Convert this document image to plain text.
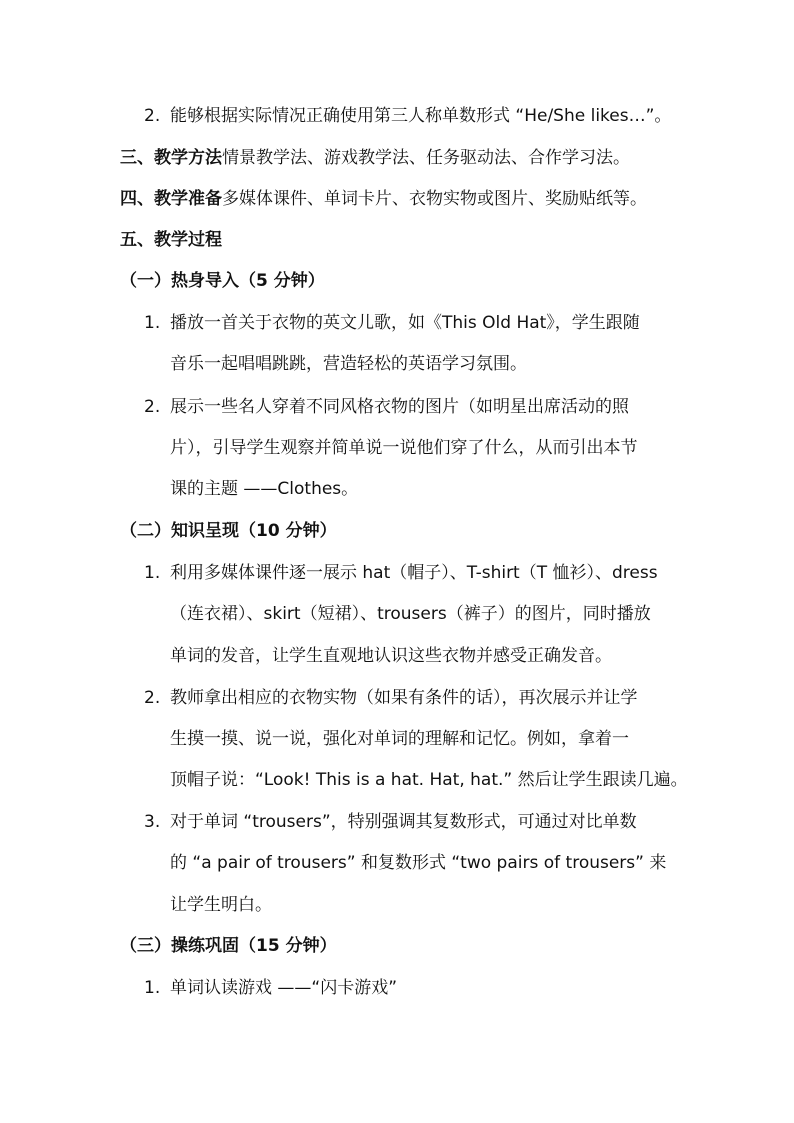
2. 能够根据实际情况正确使用第三人称单数形式 “He/She likes…”。
三、教学方法情景教学法、游戏教学法、任务驱动法、合作学习法。
四、教学准备多媒体课件、单词卡片、衣物实物或图片、奖励贴纸等。
五、教学过程
（一）热身导入（5 分钟）
1. 播放一首关于衣物的英文儿歌，如《This Old Hat》，学生跟随
音乐一起唱唱跳跳，营造轻松的英语学习氛围。
2. 展示一些名人穿着不同风格衣物的图片（如明星出席活动的照
片），引导学生观察并简单说一说他们穿了什么，从而引出本节
课的主题 ——Clothes。
（二）知识呈现（10 分钟）
1. 利用多媒体课件逐一展示 hat（帽子）、T-shirt（T 恤衫）、dress
（连衣裙）、skirt（短裙）、trousers（裤子）的图片，同时播放
单词的发音，让学生直观地认识这些衣物并感受正确发音。
2. 教师拿出相应的衣物实物（如果有条件的话），再次展示并让学
生摸一摸、说一说，强化对单词的理解和记忆。例如，拿着一
顶帽子说：“Look! This is a hat. Hat, hat.” 然后让学生跟读几遍。
3. 对于单词 “trousers”，特别强调其复数形式，可通过对比单数
的 “a pair of trousers” 和复数形式 “two pairs of trousers” 来
让学生明白。
（三）操练巩固（15 分钟）
1. 单词认读游戏 ——“闪卡游戏”
